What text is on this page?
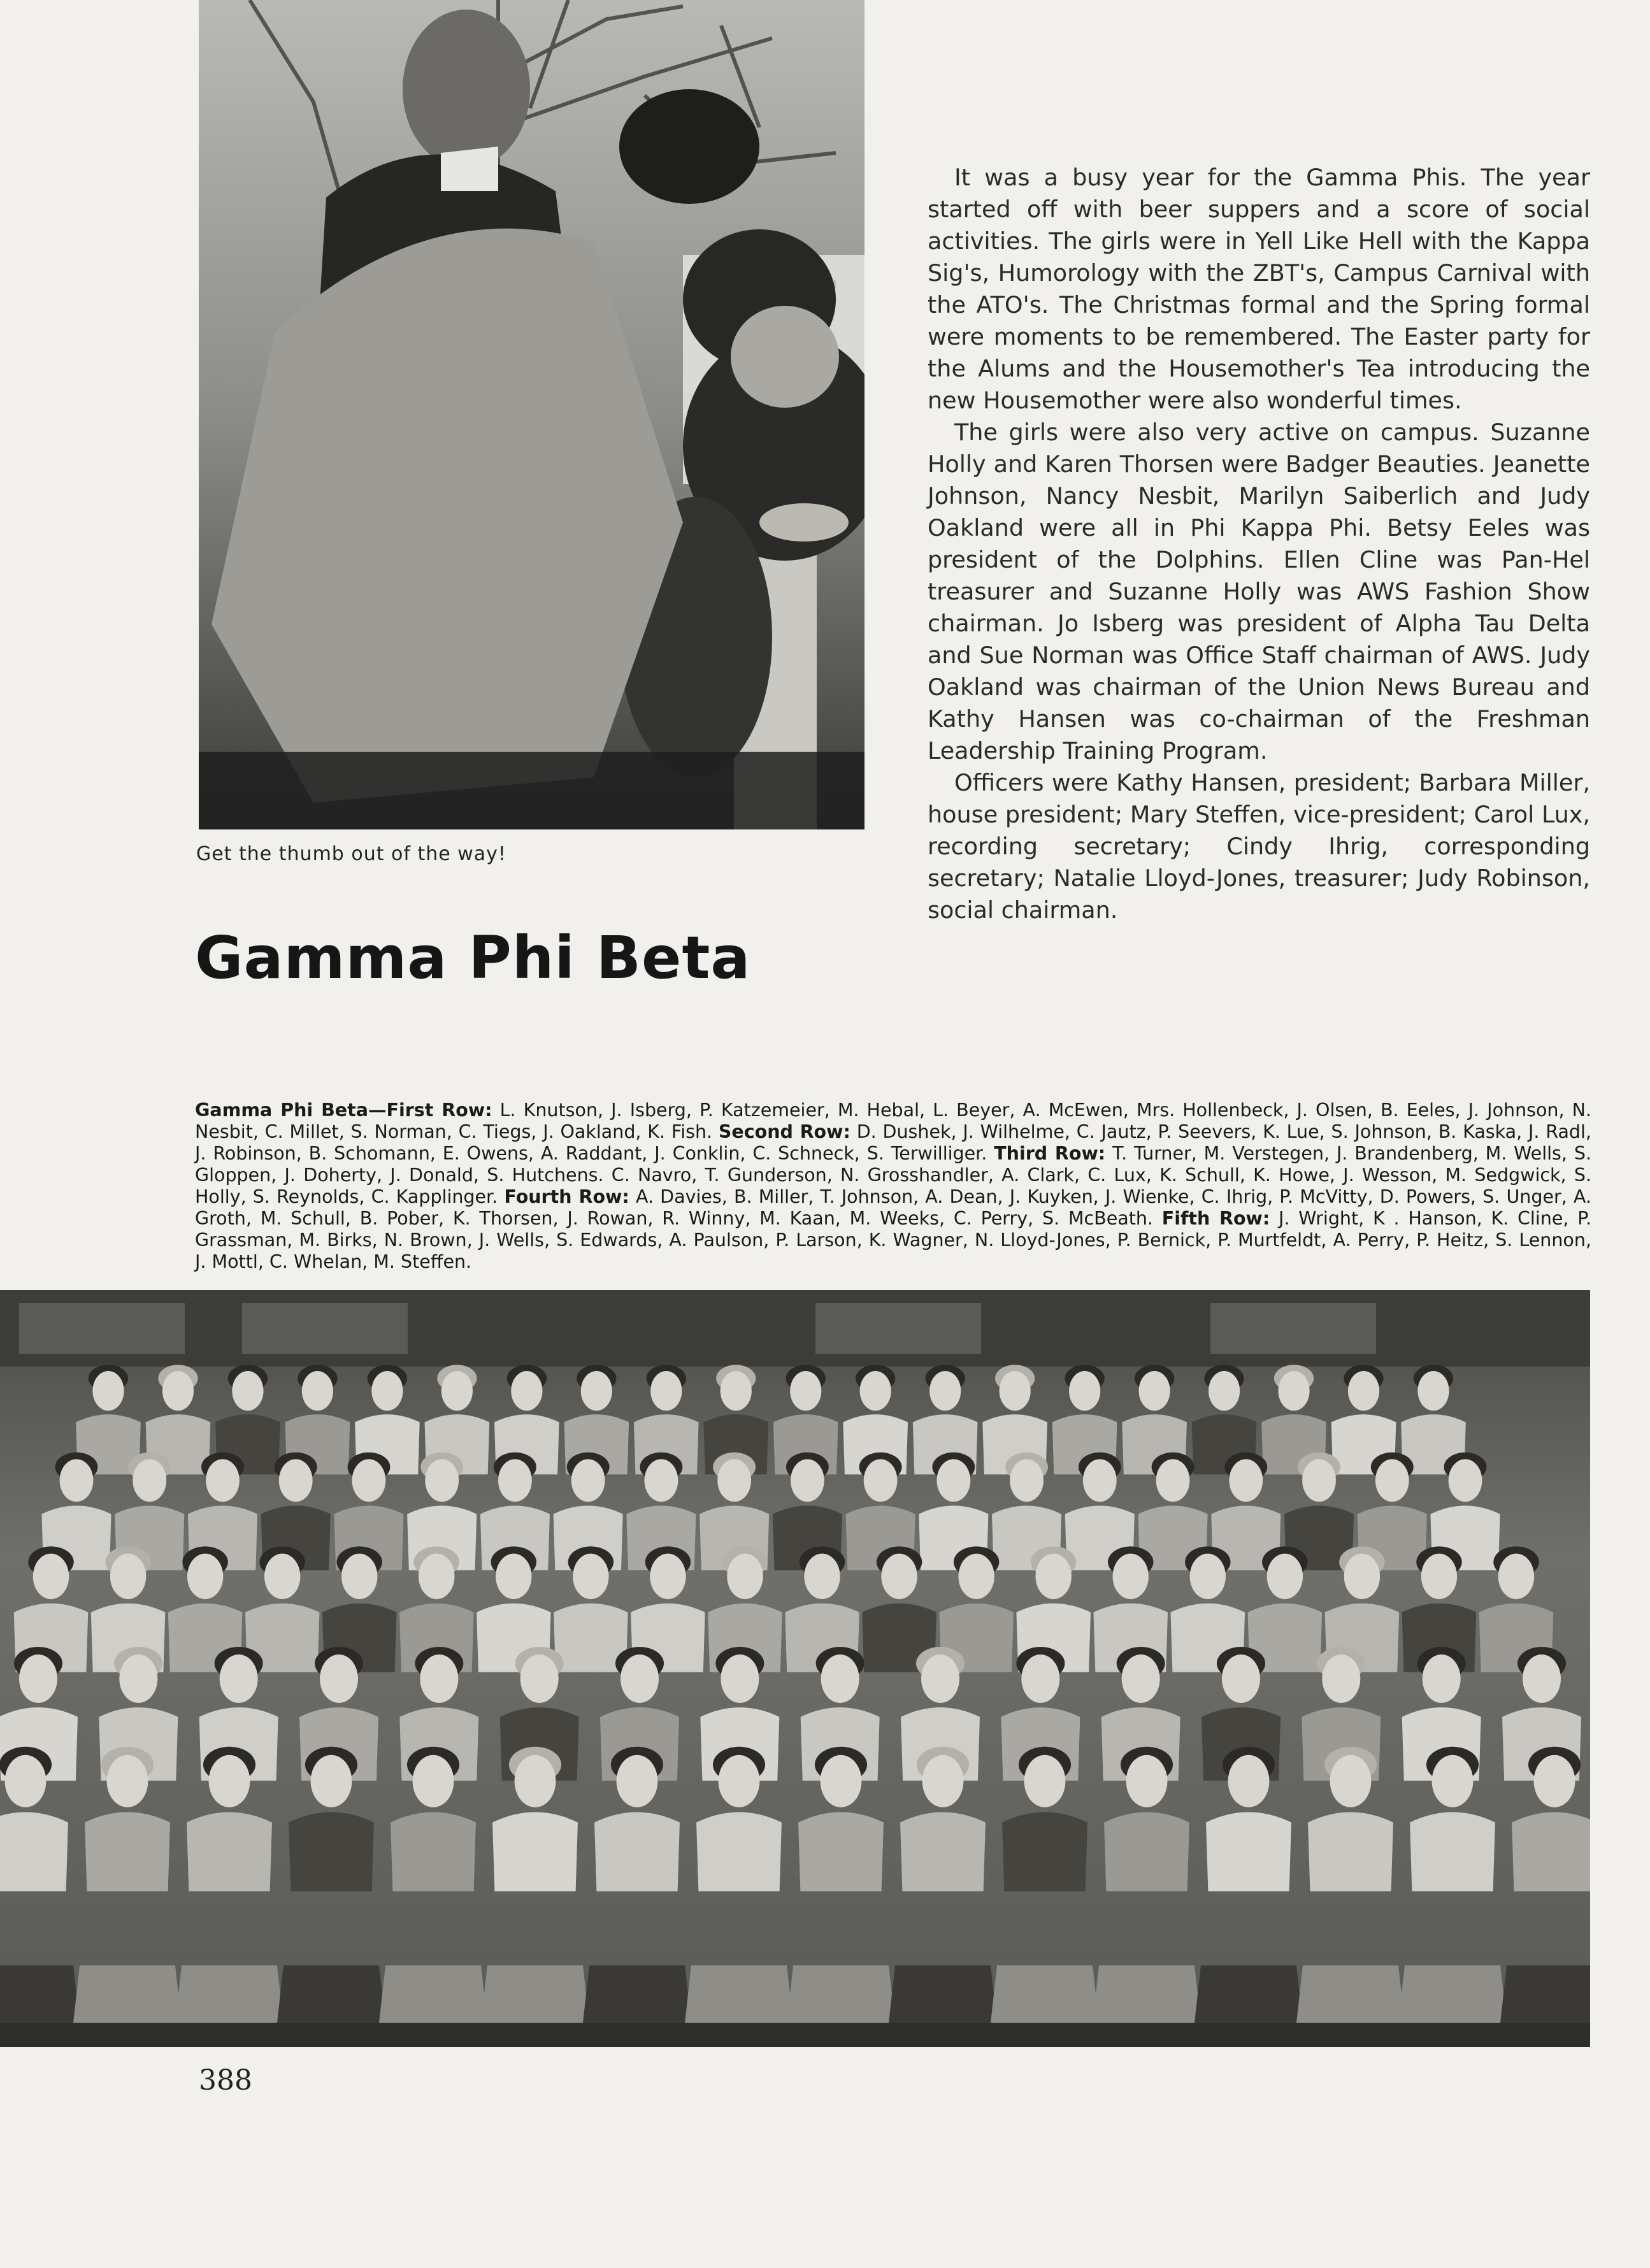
Get the thumb out of the way!
Gamma Phi Beta

It was a busy year for the Gamma Phis. The year started off with beer suppers and a score of social activities. The girls were in Yell Like Hell with the Kappa Sig's, Humorology with the ZBT's, Campus Carnival with the ATO's. The Christmas formal and the Spring formal were moments to be remembered. The Easter party for the Alums and the Housemother's Tea introducing the new Housemother were also wonderful times.

The girls were also very active on campus. Suzanne Holly and Karen Thorsen were Badger Beauties. Jeanette Johnson, Nancy Nesbit, Marilyn Saiberlich and Judy Oakland were all in Phi Kappa Phi. Betsy Eeles was president of the Dolphins. Ellen Cline was Pan-Hel treasurer and Suzanne Holly was AWS Fashion Show chairman. Jo Isberg was president of Alpha Tau Delta and Sue Norman was Office Staff chairman of AWS. Judy Oakland was chairman of the Union News Bureau and Kathy Hansen was co-chairman of the Freshman Leadership Training Program.

Officers were Kathy Hansen, president; Barbara Miller, house president; Mary Steffen, vice-president; Carol Lux, recording secretary; Cindy Ihrig, corresponding secretary; Natalie Lloyd-Jones, treasurer; Judy Robinson, social chairman.

Gamma Phi Beta—First Row: L. Knutson, J. Isberg, P. Katzemeier, M. Hebal, L. Beyer, A. McEwen, Mrs. Hollenbeck, J. Olsen, B. Eeles, J. Johnson, N. Nesbit, C. Millet, S. Norman, C. Tiegs, J. Oakland, K. Fish. Second Row: D. Dushek, J. Wilhelme, C. Jautz, P. Seevers, K. Lue, S. Johnson, B. Kaska, J. Radl, J. Robinson, B. Schomann, E. Owens, A. Raddant, J. Conklin, C. Schneck, S. Terwilliger. Third Row: T. Turner, M. Verstegen, J. Brandenberg, M. Wells, S. Gloppen, J. Doherty, J. Donald, S. Hutchens. C. Navro, T. Gunderson, N. Grosshandler, A. Clark, C. Lux, K. Schull, K. Howe, J. Wesson, M. Sedgwick, S. Holly, S. Reynolds, C. Kapplinger. Fourth Row: A. Davies, B. Miller, T. Johnson, A. Dean, J. Kuyken, J. Wienke, C. Ihrig, P. McVitty, D. Powers, S. Unger, A. Groth, M. Schull, B. Pober, K. Thorsen, J. Rowan, R. Winny, M. Kaan, M. Weeks, C. Perry, S. McBeath. Fifth Row: J. Wright, K . Hanson, K. Cline, P. Grassman, M. Birks, N. Brown, J. Wells, S. Edwards, A. Paulson, P. Larson, K. Wagner, N. Lloyd-Jones, P. Bernick, P. Murtfeldt, A. Perry, P. Heitz, S. Lennon, J. Mottl, C. Whelan, M. Steffen.
388
